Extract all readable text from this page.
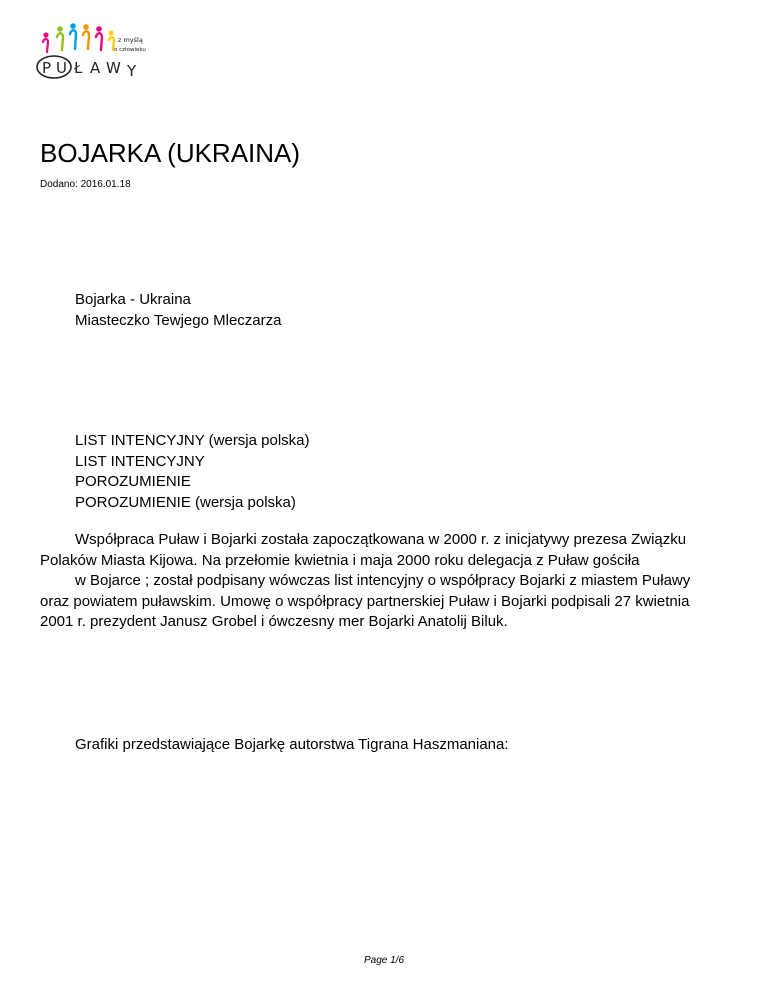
z myślą
o człowieku
P U Ł A W Y
BOJARKA (UKRAINA)
Dodano: 2016.01.18
Bojarka - Ukraina
Miasteczko Tewjego Mleczarza
LIST INTENCYJNY (wersja polska)
LIST INTENCYJNY
POROZUMIENIE
POROZUMIENIE (wersja polska)
Współpraca Puław i Bojarki została zapoczątkowana w 2000 r. z inicjatywy prezesa Związku
Polaków Miasta Kijowa. Na przełomie kwietnia i maja 2000 roku delegacja z Puław gościła
w Bojarce ; został podpisany wówczas list intencyjny o współpracy Bojarki z miastem Puławy
oraz powiatem puławskim. Umowę o współpracy partnerskiej Puław i Bojarki podpisali 27 kwietnia
2001 r. prezydent Janusz Grobel i ówczesny mer Bojarki Anatolij Biluk.
Grafiki przedstawiające Bojarkę autorstwa Tigrana Haszmaniana:
Page 1/6
